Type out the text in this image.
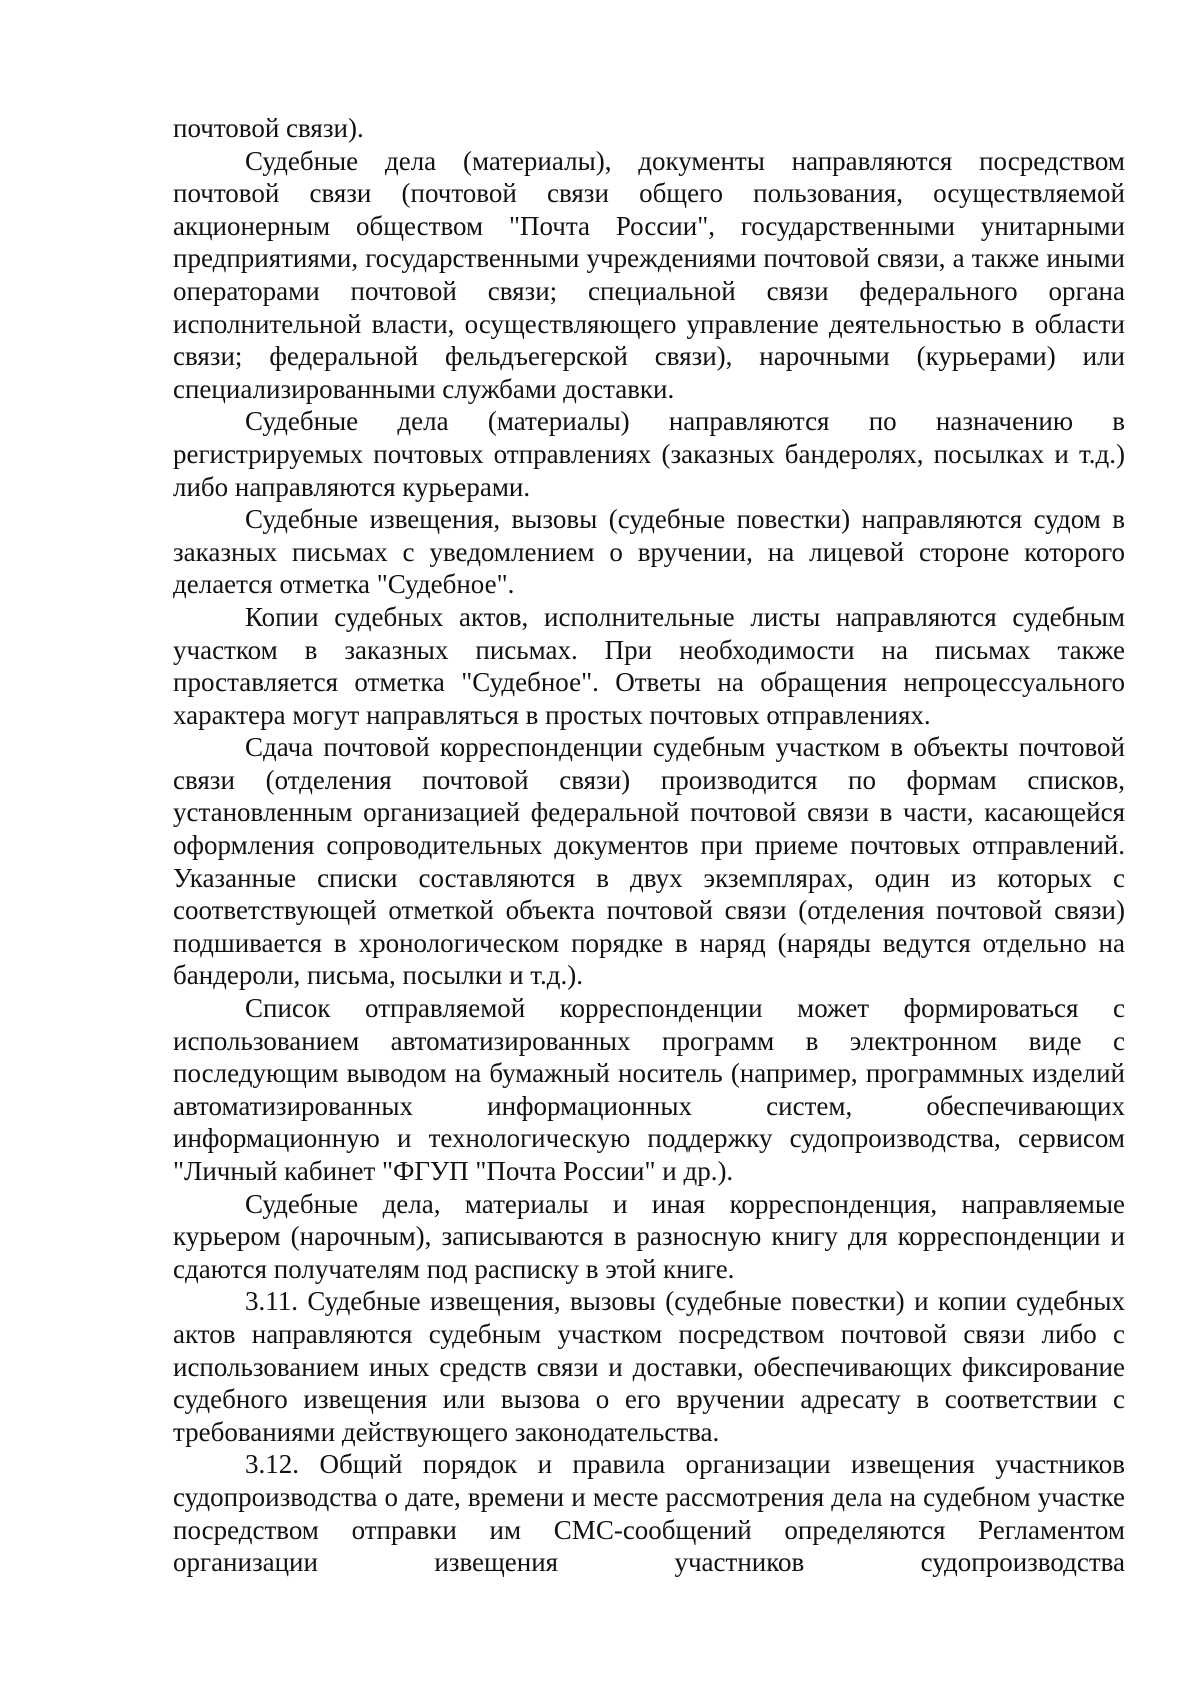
почтовой связи).

Судебные дела (материалы), документы направляются посредством почтовой связи (почтовой связи общего пользования, осуществляемой акционерным обществом "Почта России", государственными унитарными предприятиями, государственными учреждениями почтовой связи, а также иными операторами почтовой связи; специальной связи федерального органа исполнительной власти, осуществляющего управление деятельностью в области связи; федеральной фельдъегерской связи), нарочными (курьерами) или специализированными службами доставки.

Судебные дела (материалы) направляются по назначению в регистрируемых почтовых отправлениях (заказных бандеролях, посылках и т.д.) либо направляются курьерами.

Судебные извещения, вызовы (судебные повестки) направляются судом в заказных письмах с уведомлением о вручении, на лицевой стороне которого делается отметка "Судебное".

Копии судебных актов, исполнительные листы направляются судебным участком в заказных письмах. При необходимости на письмах также проставляется отметка "Судебное". Ответы на обращения непроцессуального характера могут направляться в простых почтовых отправлениях.

Сдача почтовой корреспонденции судебным участком в объекты почтовой связи (отделения почтовой связи) производится по формам списков, установленным организацией федеральной почтовой связи в части, касающейся оформления сопроводительных документов при приеме почтовых отправлений. Указанные списки составляются в двух экземплярах, один из которых с соответствующей отметкой объекта почтовой связи (отделения почтовой связи) подшивается в хронологическом порядке в наряд (наряды ведутся отдельно на бандероли, письма, посылки и т.д.).

Список отправляемой корреспонденции может формироваться с использованием автоматизированных программ в электронном виде с последующим выводом на бумажный носитель (например, программных изделий автоматизированных информационных систем, обеспечивающих информационную и технологическую поддержку судопроизводства, сервисом "Личный кабинет "ФГУП "Почта России" и др.).

Судебные дела, материалы и иная корреспонденция, направляемые курьером (нарочным), записываются в разносную книгу для корреспонденции и сдаются получателям под расписку в этой книге.

3.11. Судебные извещения, вызовы (судебные повестки) и копии судебных актов направляются судебным участком посредством почтовой связи либо с использованием иных средств связи и доставки, обеспечивающих фиксирование судебного извещения или вызова о его вручении адресату в соответствии с требованиями действующего законодательства.

3.12. Общий порядок и правила организации извещения участников судопроизводства о дате, времени и месте рассмотрения дела на судебном участке посредством отправки им СМС-сообщений определяются Регламентом организации извещения участников судопроизводства
